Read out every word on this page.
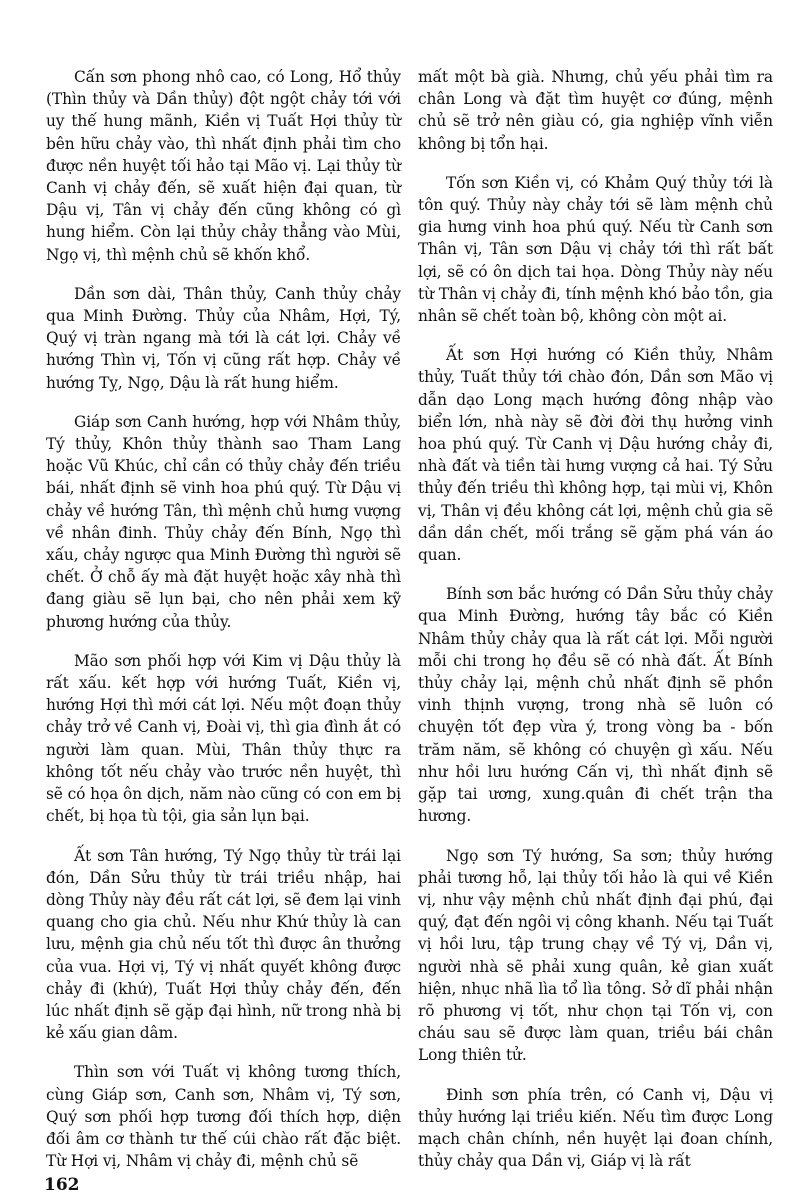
Cấn sơn phong nhô cao, có Long, Hổ thủy (Thìn thủy và Dần thủy) đột ngột chảy tới với uy thế hung mãnh, Kiền vị Tuất Hợi thủy từ bên hữu chảy vào, thì nhất định phải tìm cho được nền huyệt tối hảo tại Mão vị. Lại thủy từ Canh vị chảy đến, sẽ xuất hiện đại quan, từ Dậu vị, Tân vị chảy đến cũng không có gì hung hiểm. Còn lại thủy chảy thẳng vào Mùi, Ngọ vị, thì mệnh chủ sẽ khốn khổ.

Dần sơn dài, Thân thủy, Canh thủy chảy qua Minh Đường. Thủy của Nhâm, Hợi, Tý, Quý vị tràn ngang mà tới là cát lợi. Chảy về hướng Thìn vị, Tốn vị cũng rất hợp. Chảy về hướng Tỵ, Ngọ, Dậu là rất hung hiểm.

Giáp sơn Canh hướng, hợp với Nhâm thủy, Tý thủy, Khôn thủy thành sao Tham Lang hoặc Vũ Khúc, chỉ cần có thủy chảy đến triều bái, nhất định sẽ vinh hoa phú quý. Từ Dậu vị chảy về hướng Tân, thì mệnh chủ hưng vượng về nhân đinh. Thủy chảy đến Bính, Ngọ thì xấu, chảy ngược qua Minh Đường thì người sẽ chết. Ở chỗ ấy mà đặt huyệt hoặc xây nhà thì đang giàu sẽ lụn bại, cho nên phải xem kỹ phương hướng của thủy.

Mão sơn phối hợp với Kim vị Dậu thủy là rất xấu. kết hợp với hướng Tuất, Kiền vị, hướng Hợi thì mới cát lợi. Nếu một đoạn thủy chảy trở về Canh vị, Đoài vị, thì gia đình ắt có người làm quan. Mùi, Thân thủy thực ra không tốt nếu chảy vào trước nền huyệt, thì sẽ có họa ôn dịch, năm nào cũng có con em bị chết, bị họa tù tội, gia sản lụn bại.

Ất sơn Tân hướng, Tý Ngọ thủy từ trái lại đón, Dần Sửu thủy từ trái triều nhập, hai dòng Thủy này đều rất cát lợi, sẽ đem lại vinh quang cho gia chủ. Nếu như Khứ thủy là can lưu, mệnh gia chủ nếu tốt thì được ân thưởng của vua. Hợi vị, Tý vị nhất quyết không được chảy đi (khứ), Tuất Hợi thủy chảy đến, đến lúc nhất định sẽ gặp đại hình, nữ trong nhà bị kẻ xấu gian dâm.

Thìn sơn với Tuất vị không tương thích, cùng Giáp sơn, Canh sơn, Nhâm vị, Tý sơn, Quý sơn phối hợp tương đối thích hợp, diện đối âm cơ thành tư thế cúi chào rất đặc biệt. Từ Hợi vị, Nhâm vị chảy đi, mệnh chủ sẽ

mất một bà già. Nhưng, chủ yếu phải tìm ra chân Long và đặt tìm huyệt cơ đúng, mệnh chủ sẽ trở nên giàu có, gia nghiệp vĩnh viễn không bị tổn hại.

Tốn sơn Kiền vị, có Khảm Quý thủy tới là tôn quý. Thủy này chảy tới sẽ làm mệnh chủ gia hưng vinh hoa phú quý. Nếu từ Canh sơn Thân vị, Tân sơn Dậu vị chảy tới thì rất bất lợi, sẽ có ôn dịch tai họa. Dòng Thủy này nếu từ Thân vị chảy đi, tính mệnh khó bảo tồn, gia nhân sẽ chết toàn bộ, không còn một ai.

Ất sơn Hợi hướng có Kiền thủy, Nhâm thủy, Tuất thủy tới chào đón, Dần sơn Mão vị dẫn dạo Long mạch hướng đông nhập vào biển lớn, nhà này sẽ đời đời thụ hưởng vinh hoa phú quý. Từ Canh vị Dậu hướng chảy đi, nhà đất và tiền tài hưng vượng cả hai. Tý Sửu thủy đến triều thì không hợp, tại mùi vị, Khôn vị, Thân vị đều không cát lợi, mệnh chủ gia sẽ dần dần chết, mối trắng sẽ gặm phá ván áo quan.

Bính sơn bắc hướng có Dần Sửu thủy chảy qua Minh Đường, hướng tây bắc có Kiền Nhâm thủy chảy qua là rất cát lợi. Mỗi người mỗi chi trong họ đều sẽ có nhà đất. Ất Bính thủy chảy lại, mệnh chủ nhất định sẽ phồn vinh thịnh vượng, trong nhà sẽ luôn có chuyện tốt đẹp vừa ý, trong vòng ba - bốn trăm năm, sẽ không có chuyện gì xấu. Nếu như hồi lưu hướng Cấn vị, thì nhất định sẽ gặp tai ương, xung.quân đi chết trận tha hương.

Ngọ sơn Tý hướng, Sa sơn; thủy hướng phải tương hỗ, lại thủy tối hảo là qui về Kiền vị, như vậy mệnh chủ nhất định đại phú, đại quý, đạt đến ngôi vị công khanh. Nếu tại Tuất vị hồi lưu, tập trung chạy về Tý vị, Dần vị, người nhà sẽ phải xung quân, kẻ gian xuất hiện, nhục nhã lìa tổ lìa tông. Sở dĩ phải nhận rõ phương vị tốt, như chọn tại Tốn vị, con cháu sau sẽ được làm quan, triều bái chân Long thiên tử.

Đinh sơn phía trên, có Canh vị, Dậu vị thủy hướng lại triều kiến. Nếu tìm được Long mạch chân chính, nền huyệt lại đoan chính, thủy chảy qua Dần vị, Giáp vị là rất

162
